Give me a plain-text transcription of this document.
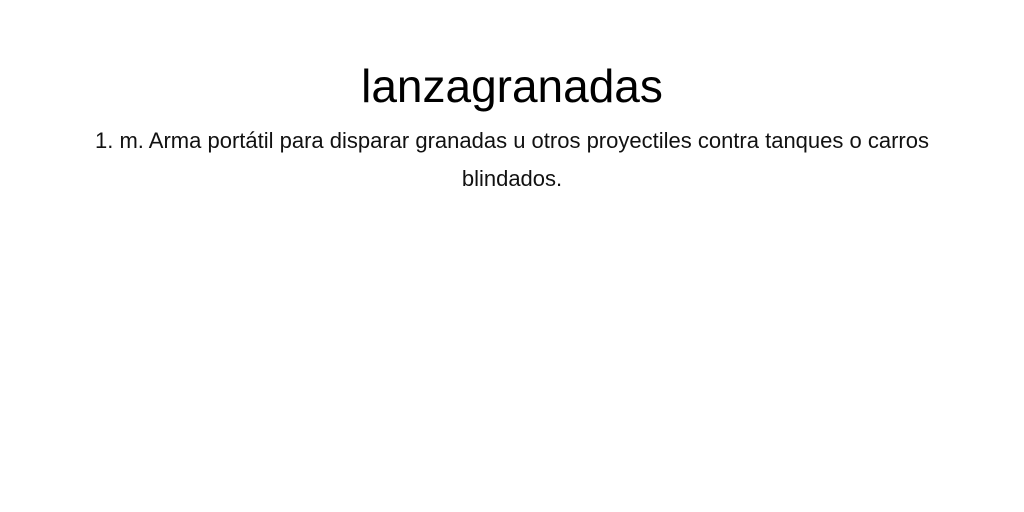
lanzagranadas

1. m. Arma portátil para disparar granadas u otros proyectiles contra tanques o carros blindados.
